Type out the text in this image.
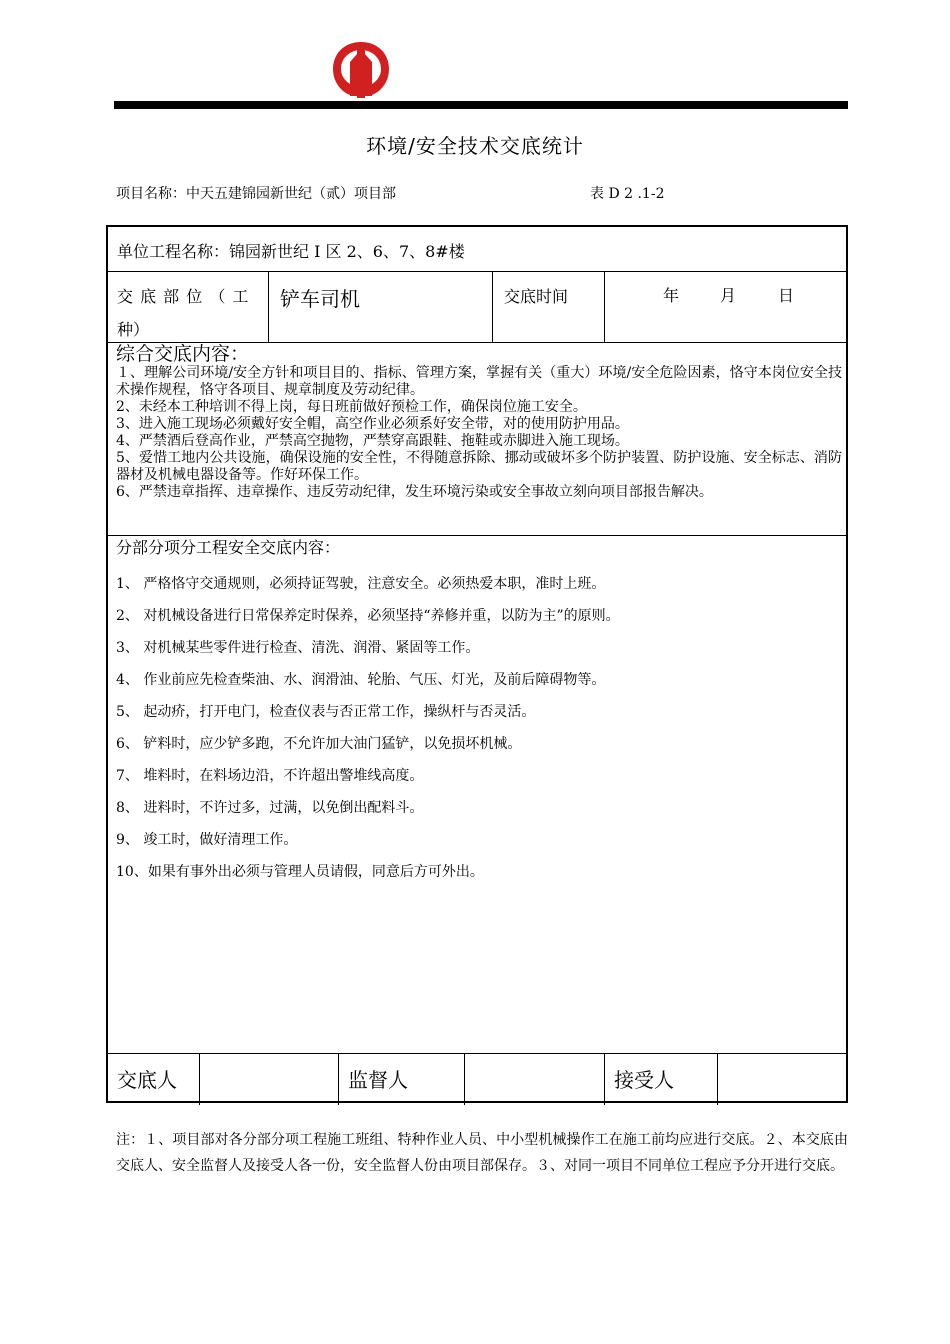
环境/安全技术交底统计
项目名称：中天五建锦园新世纪（贰）项目部	表 D 2 .1-2
单位工程名称：锦园新世纪 I 区 2、6、7、8#楼
交 底 部 位 （ 工
种）
铲车司机	交底时间	年	月	日
综合交底内容：
１、理解公司环境/安全方针和项目目的、指标、管理方案，掌握有关（重大）环境/安全危险因素，恪守本岗位安全技术操作规程，恪守各项目、规章制度及劳动纪律。
2、未经本工种培训不得上岗，每日班前做好预检工作，确保岗位施工安全。
3、进入施工现场必须戴好安全帽，高空作业必须系好安全带，对的使用防护用品。
4、严禁酒后登高作业，严禁高空抛物，严禁穿高跟鞋、拖鞋或赤脚进入施工现场。
5、爱惜工地内公共设施，确保设施的安全性，不得随意拆除、挪动或破坏多个防护装置、防护设施、安全标志、消防器材及机械电器设备等。作好环保工作。
6、严禁违章指挥、违章操作、违反劳动纪律，发生环境污染或安全事故立刻向项目部报告解决。
分部分项分工程安全交底内容：
1、 严格恪守交通规则，必须持证驾驶，注意安全。必须热爱本职，准时上班。
2、 对机械设备进行日常保养定时保养，必须坚持“养修并重，以防为主”的原则。
3、 对机械某些零件进行检查、清洗、润滑、紧固等工作。
4、 作业前应先检查柴油、水、润滑油、轮胎、气压、灯光，及前后障碍物等。
5、 起动疥，打开电门，检查仪表与否正常工作，操纵杆与否灵活。
6、 铲料时，应少铲多跑，不允许加大油门猛铲，以免损坏机械。
7、 堆料时，在料场边沿，不许超出警堆线高度。
8、 进料时，不许过多，过满，以免倒出配料斗。
9、 竣工时，做好清理工作。
10、如果有事外出必须与管理人员请假，同意后方可外出。
交底人	监督人	接受人
注：１、项目部对各分部分项工程施工班组、特种作业人员、中小型机械操作工在施工前均应进行交底。２、本交底由交底人、安全监督人及接受人各一份，安全监督人份由项目部保存。３、对同一项目不同单位工程应予分开进行交底。
